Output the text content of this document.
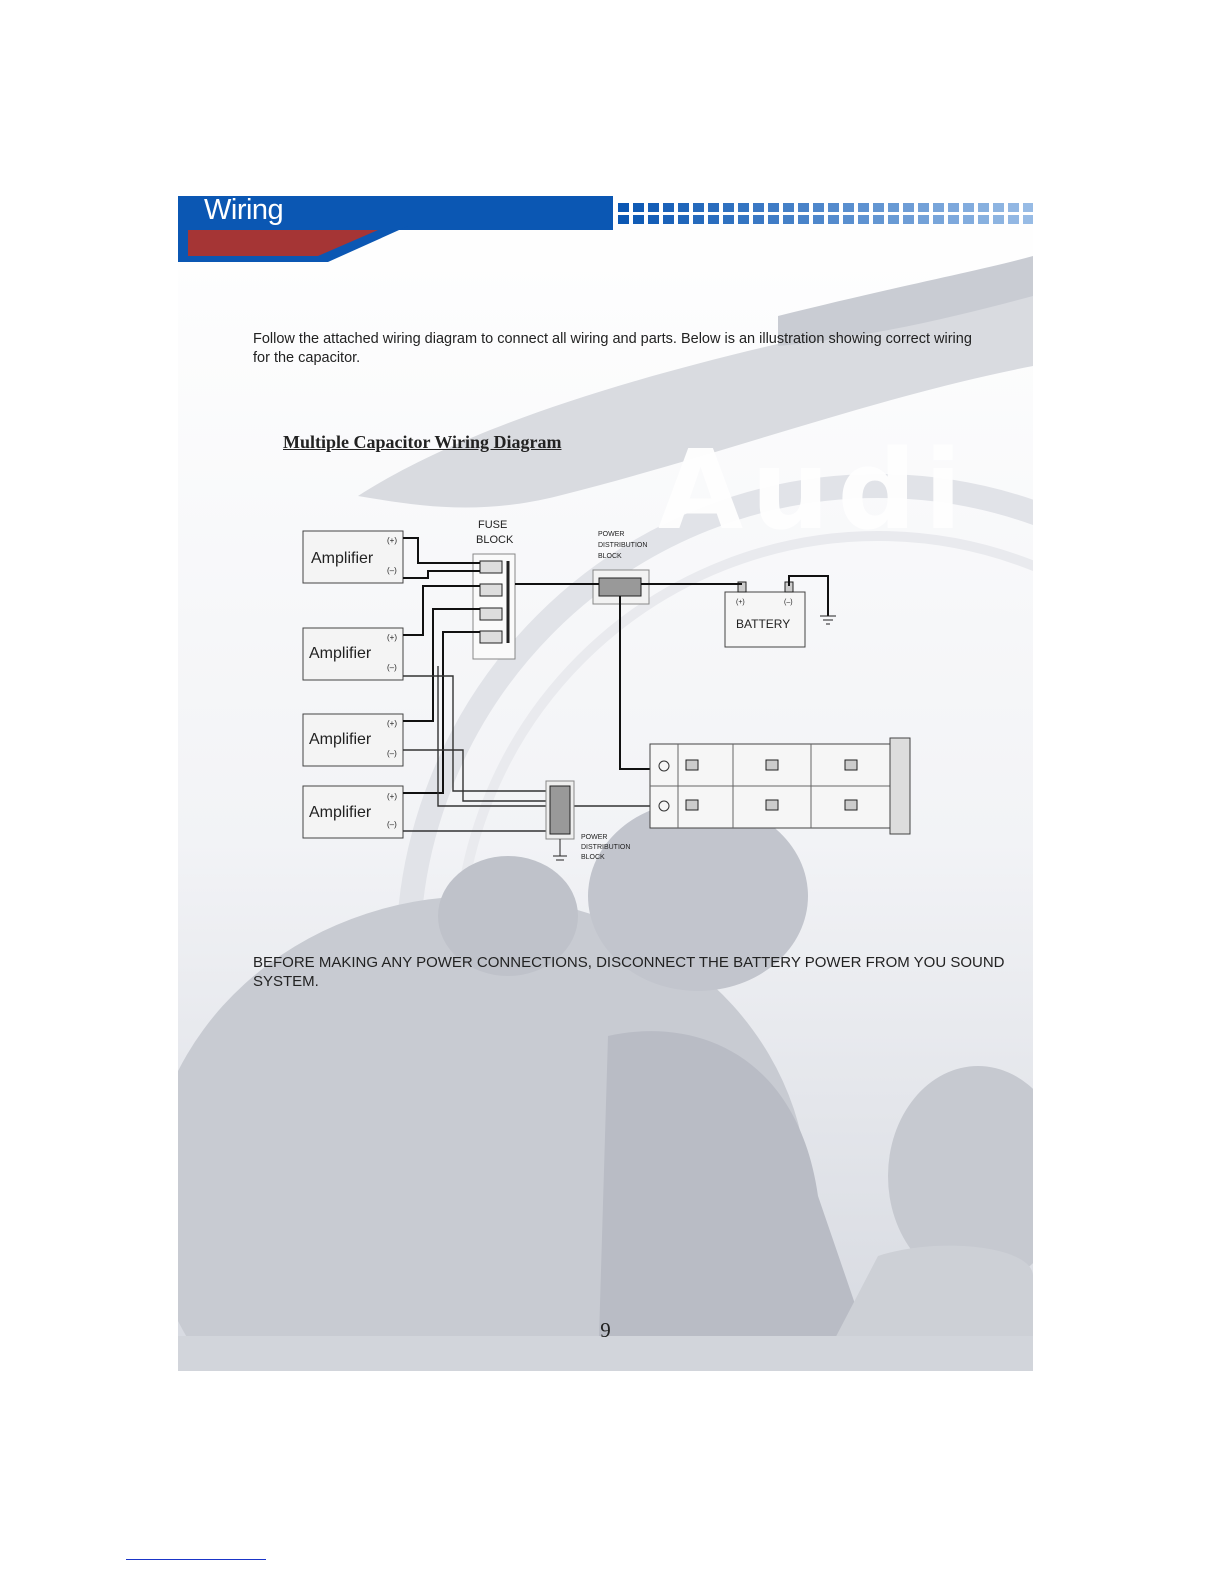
Audi
Wiring
Follow the attached wiring diagram to connect all wiring and parts. Below is an illustration showing correct wiring for the capacitor.
Multiple Capacitor Wiring Diagram
Amplifier
(+)
(–)
Amplifier
(+)
(–)
Amplifier
(+)
(–)
Amplifier
(+)
(–)
FUSE
BLOCK	POWER
DISTRIBUTION
BLOCK
(+)	(–)
BATTERY
POWER
DISTRIBUTION
BLOCK
BEFORE MAKING ANY POWER CONNECTIONS, DISCONNECT THE BATTERY POWER FROM YOU SOUND SYSTEM.
9
